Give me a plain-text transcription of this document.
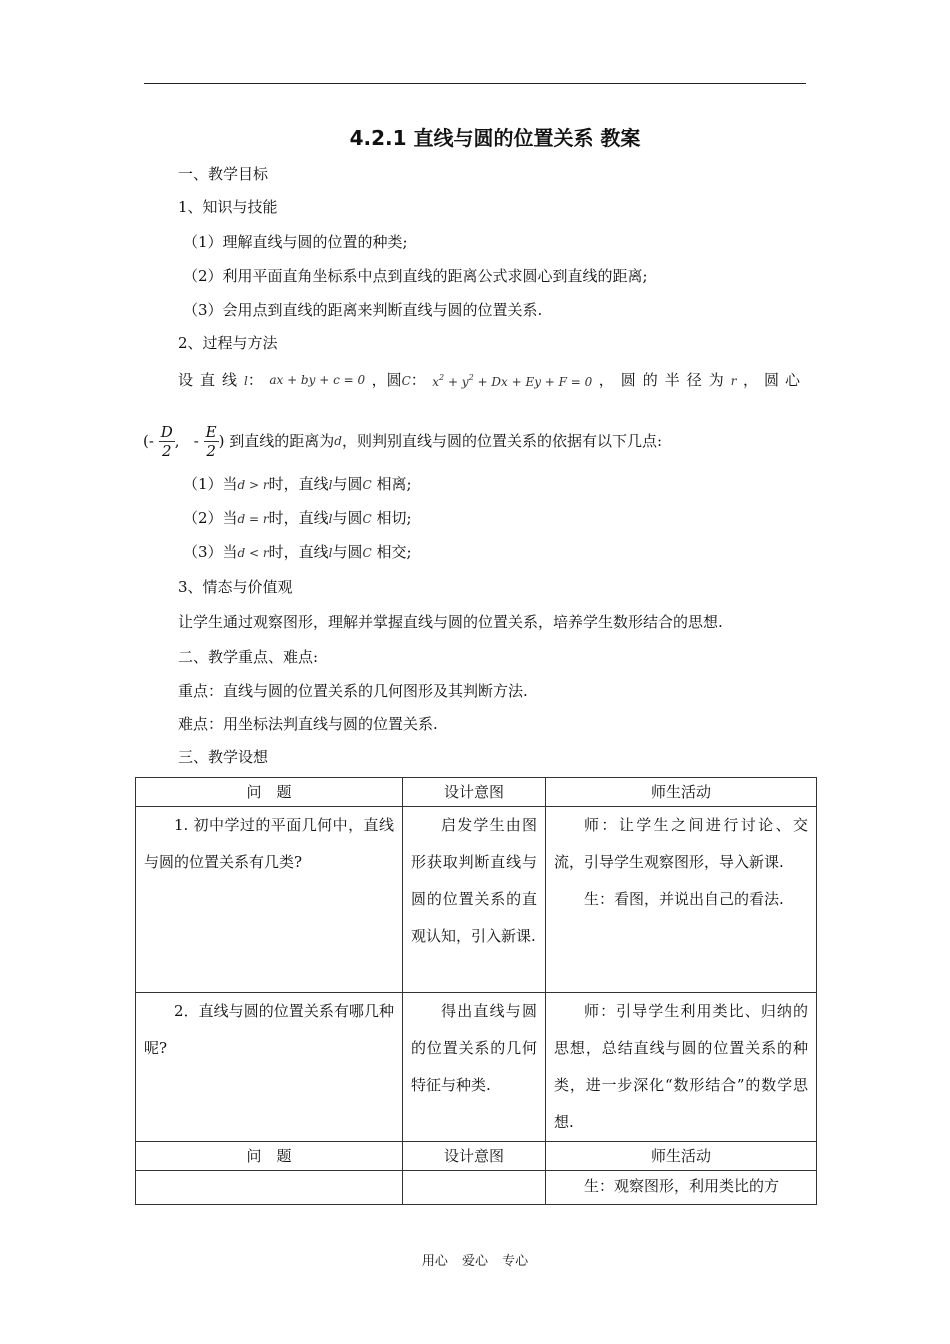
4.2.1 直线与圆的位置关系 教案
一、教学目标
1、知识与技能
（1）理解直线与圆的位置的种类;
（2）利用平面直角坐标系中点到直线的距离公式求圆心到直线的距离;
（3）会用点到直线的距离来判断直线与圆的位置关系.
2、过程与方法
设直线l： ax + by + c = 0 ，圆C： $x^2 + y^2 + Dx + Ey + F = 0$ ，圆的半径为r ，圆心
(- $\frac{D}{2}$ ,   - $\frac{E}{2}$ ) 到直线的距离为 d ，则判别直线与圆的位置关系的依据有以下几点:
（1）当d > r时，直线l与圆C 相离;
（2）当d = r时，直线l与圆C 相切;
（3）当d < r时，直线l与圆C 相交;
3、情态与价值观
让学生通过观察图形，理解并掌握直线与圆的位置关系，培养学生数形结合的思想.
二、教学重点、难点:
重点：直线与圆的位置关系的几何图形及其判断方法.
难点：用坐标法判直线与圆的位置关系.
三、教学设想
问　题	设计意图	师生活动

1. 初中学过的平面几何中，直线与圆的位置关系有几类?	启发学生由图形获取判断直线与圆的位置关系的直观认知，引入新课.	师：让学生之间进行讨论、交流，引导学生观察图形，导入新课.
生：看图，并说出自己的看法.

2．直线与圆的位置关系有哪几种呢?	得出直线与圆的位置关系的几何特征与种类.	师：引导学生利用类比、归纳的思想，总结直线与圆的位置关系的种类，进一步深化“数形结合”的数学思想.

问　题	设计意图	师生活动

		生：观察图形，利用类比的方
用心 爱心 专心
